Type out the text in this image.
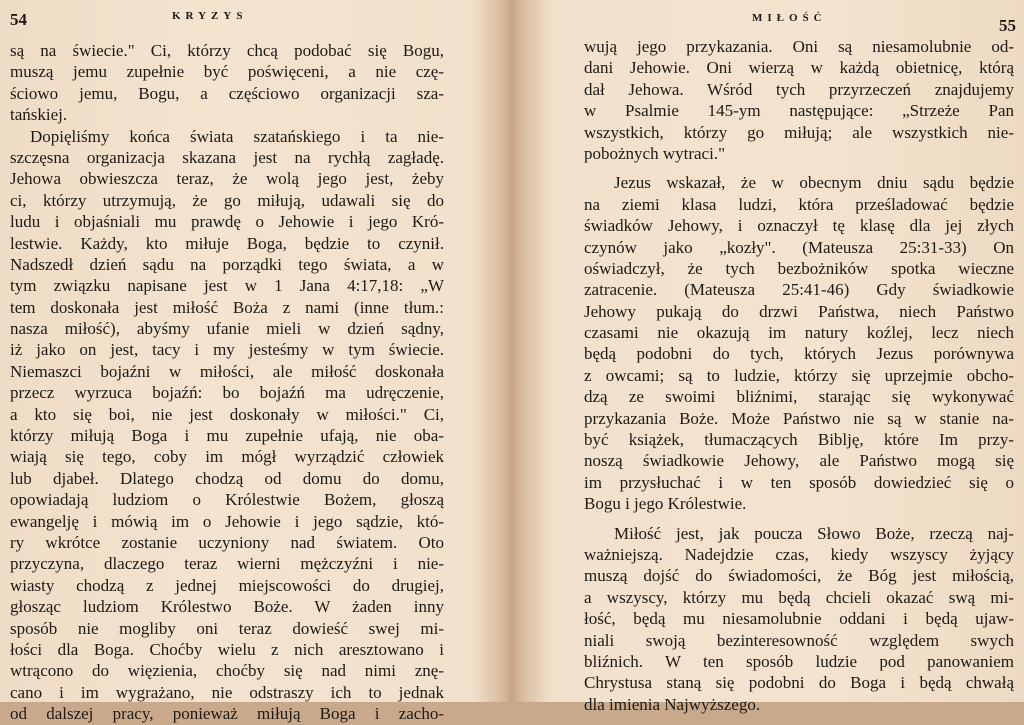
54	KRYZYS
są na świecie." Ci, którzy chcą podobać się Bogu,
muszą jemu zupełnie być poświęceni, a nie czę-
ściowo jemu, Bogu, a częściowo organizacji sza-
tańskiej.
Dopięliśmy końca świata szatańskiego i ta nie-
szczęsna organizacja skazana jest na rychłą zagładę.
Jehowa obwieszcza teraz, że wolą jego jest, żeby
ci, którzy utrzymują, że go miłują, udawali się do
ludu i objaśniali mu prawdę o Jehowie i jego Kró-
lestwie. Każdy, kto miłuje Boga, będzie to czynił.
Nadszedł dzień sądu na porządki tego świata, a w
tym związku napisane jest w 1 Jana 4:17,18: „W
tem doskonała jest miłość Boża z nami (inne tłum.:
nasza miłość), abyśmy ufanie mieli w dzień sądny,
iż jako on jest, tacy i my jesteśmy w tym świecie.
Niemaszci bojaźni w miłości, ale miłość doskonała
przecz wyrzuca bojaźń: bo bojaźń ma udręczenie,
a kto się boi, nie jest doskonały w miłości." Ci,
którzy miłują Boga i mu zupełnie ufają, nie oba-
wiają się tego, coby im mógł wyrządzić człowiek
lub djabeł. Dlatego chodzą od domu do domu,
opowiadają ludziom o Królestwie Bożem, głoszą
ewangelję i mówią im o Jehowie i jego sądzie, któ-
ry wkrótce zostanie uczyniony nad światem. Oto
przyczyna, dlaczego teraz wierni mężczyźni i nie-
wiasty chodzą z jednej miejscowości do drugiej,
głosząc ludziom Królestwo Boże. W żaden inny
sposób nie mogliby oni teraz dowieść swej mi-
łości dla Boga. Choćby wielu z nich aresztowano i
wtrącono do więzienia, choćby się nad nimi znę-
cano i im wygrażano, nie odstraszy ich to jednak
od dalszej pracy, ponieważ miłują Boga i zacho-
MIŁOŚĆ	55
wują jego przykazania. Oni są niesamolubnie od-
dani Jehowie. Oni wierzą w każdą obietnicę, którą
dał Jehowa. Wśród tych przyrzeczeń znajdujemy
w Psalmie 145-ym następujące: „Strzeże Pan
wszystkich, którzy go miłują; ale wszystkich nie-
pobożnych wytraci."
Jezus wskazał, że w obecnym dniu sądu będzie
na ziemi klasa ludzi, która prześladować będzie
świadków Jehowy, i oznaczył tę klasę dla jej złych
czynów jako „kozły". (Mateusza 25:31-33) On
oświadczył, że tych bezbożników spotka wieczne
zatracenie. (Mateusza 25:41-46) Gdy świadkowie
Jehowy pukają do drzwi Państwa, niech Państwo
czasami nie okazują im natury koźlej, lecz niech
będą podobni do tych, których Jezus porównywa
z owcami; są to ludzie, którzy się uprzejmie obcho-
dzą ze swoimi bliźnimi, starając się wykonywać
przykazania Boże. Może Państwo nie są w stanie na-
być książek, tłumaczących Biblję, które Im przy-
noszą świadkowie Jehowy, ale Państwo mogą się
im przysłuchać i w ten sposób dowiedzieć się o
Bogu i jego Królestwie.
Miłość jest, jak poucza Słowo Boże, rzeczą naj-
ważniejszą. Nadejdzie czas, kiedy wszyscy żyjący
muszą dojść do świadomości, że Bóg jest miłością,
a wszyscy, którzy mu będą chcieli okazać swą mi-
łość, będą mu niesamolubnie oddani i będą ujaw-
niali swoją bezinteresowność względem swych
bliźnich. W ten sposób ludzie pod panowaniem
Chrystusa staną się podobni do Boga i będą chwałą
dla imienia Najwyższego.
